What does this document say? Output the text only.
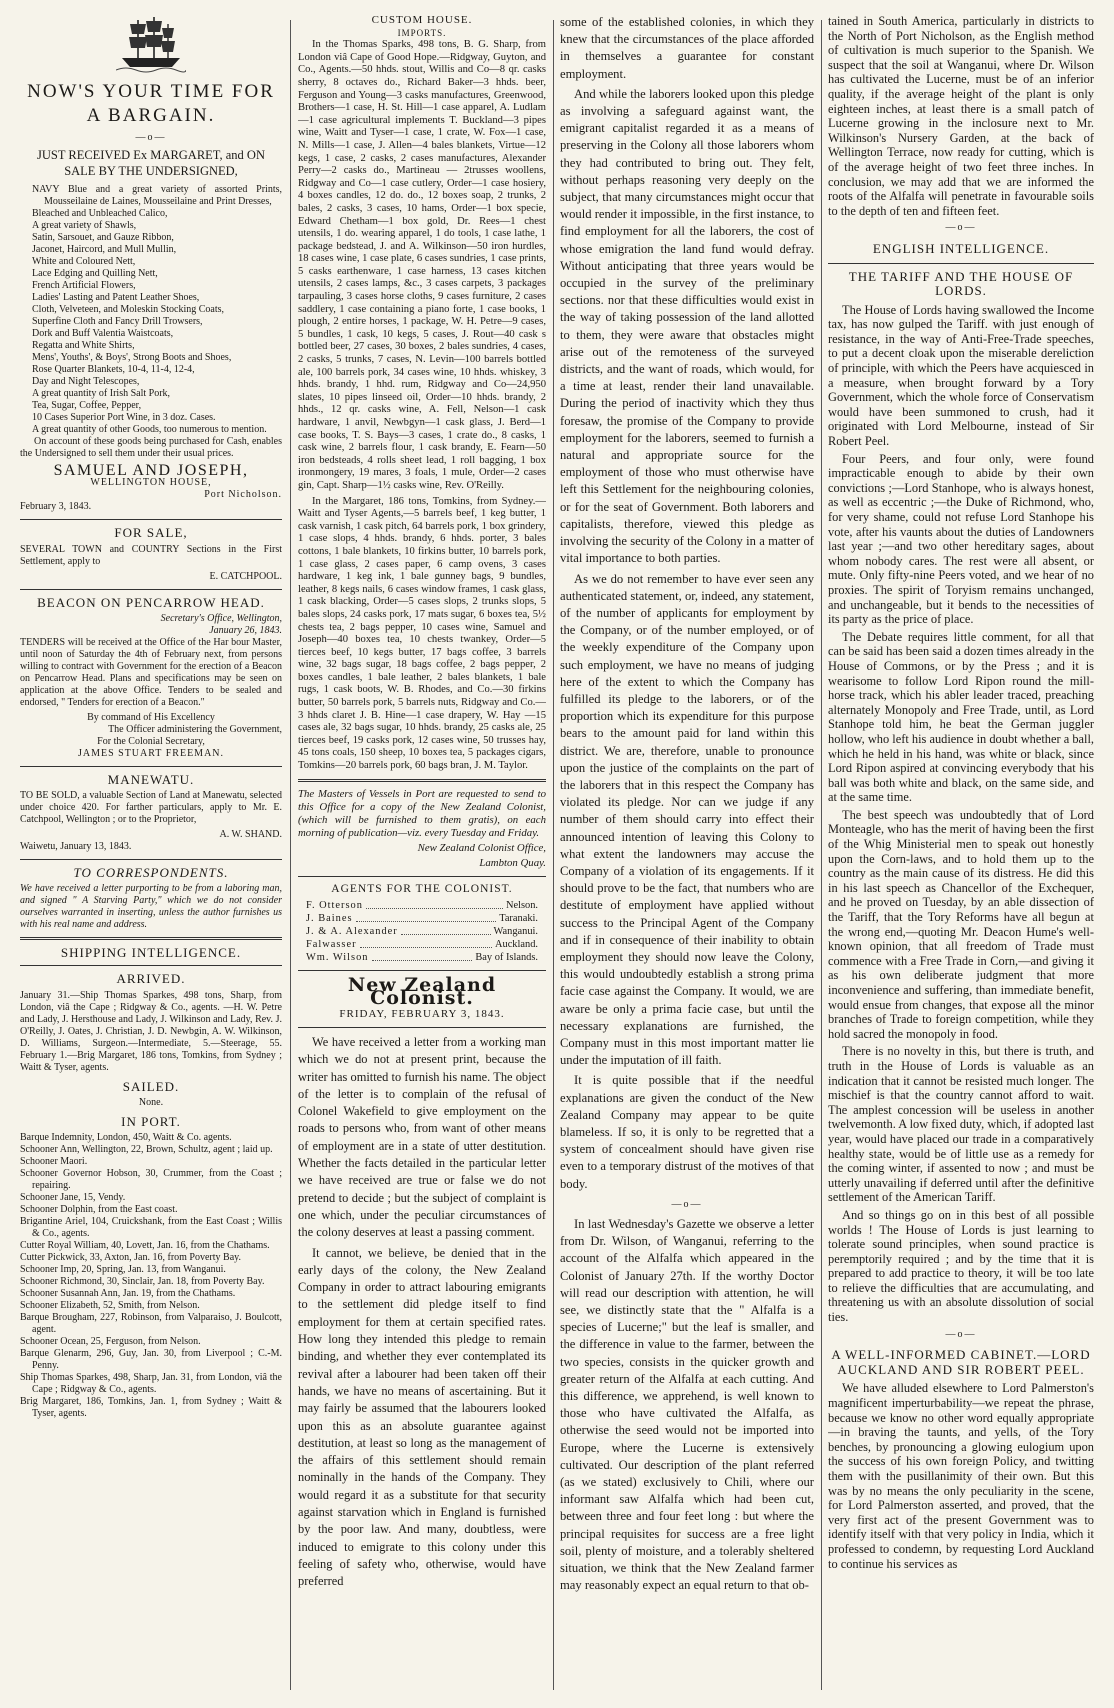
NOW'S YOUR TIME FOR A BARGAIN.
—o—
JUST RECEIVED Ex MARGARET, and ON SALE BY THE UNDERSIGNED,

NAVY Blue and a great variety of assorted Prints, Mousseilaine de Laines, Mousseilaine and Print Dresses,

Bleached and Unbleached Calico,

A great variety of Shawls,

Satin, Sarsouet, and Gauze Ribbon,

Jaconet, Haircord, and Mull Mullin,

White and Coloured Nett,

Lace Edging and Quilling Nett,

French Artificial Flowers,

Ladies' Lasting and Patent Leather Shoes,

Cloth, Velveteen, and Moleskin Stocking Coats,

Superfine Cloth and Fancy Drill Trowsers,

Dork and Buff Valentia Waistcoats,

Regatta and White Shirts,

Mens', Youths', & Boys', Strong Boots and Shoes,

Rose Quarter Blankets, 10-4, 11-4, 12-4,

Day and Night Telescopes,

A great quantity of Irish Salt Pork,

Tea, Sugar, Coffee, Pepper,

10 Cases Superior Port Wine, in 3 doz. Cases.

A great quantity of other Goods, too numerous to mention.

On account of these goods being purchased for Cash, enables the Undersigned to sell them under their usual prices.

SAMUEL AND JOSEPH,
WELLINGTON HOUSE,
Port Nicholson.
February 3, 1843.
FOR SALE,

SEVERAL TOWN and COUNTRY Sections in the First Settlement, apply to

E. CATCHPOOL.
BEACON ON PENCARROW HEAD.
Secretary's Office, Wellington,
January 26, 1843.

TENDERS will be received at the Office of the Har bour Master, until noon of Saturday the 4th of February next, from persons willing to contract with Government for the erection of a Beacon on Pencarrow Head. Plans and specifications may be seen on application at the above Office. Tenders to be sealed and endorsed, " Tenders for erection of a Beacon."

By command of His Excellency
The Officer administering the Government,
For the Colonial Secretary,
JAMES STUART FREEMAN.
MANEWATU.

TO BE SOLD, a valuable Section of Land at Manewatu, selected under choice 420. For farther particulars, apply to Mr. E. Catchpool, Wellington ; or to the Proprietor,

A. W. SHAND.
Waiwetu, January 13, 1843.
TO CORRESPONDENTS.

We have received a letter purporting to be from a laboring man, and signed " A Starving Party," which we do not consider ourselves warranted in inserting, unless the author furnishes us with his real name and address.

SHIPPING INTELLIGENCE.
ARRIVED.

January 31.—Ship Thomas Sparkes, 498 tons, Sharp, from London, viâ the Cape ; Ridgway & Co., agents. —H. W. Petre and Lady, J. Hersthouse and Lady, J. Wilkinson and Lady, Rev. J. O'Reilly, J. Oates, J. Christian, J. D. Newbgin, A. W. Wilkinson, D. Williams, Surgeon.—Intermediate, 5.—Steerage, 55. February 1.—Brig Margaret, 186 tons, Tomkins, from Sydney ; Waitt & Tyser, agents.

SAILED.
None.
IN PORT.

Barque Indemnity, London, 450, Waitt & Co. agents.

Schooner Ann, Wellington, 22, Brown, Schultz, agent ; laid up.

Schooner Maori.

Schooner Governor Hobson, 30, Crummer, from the Coast ; repairing.

Schooner Jane, 15, Vendy.

Schooner Dolphin, from the East coast.

Brigantine Ariel, 104, Cruickshank, from the East Coast ; Willis & Co., agents.

Cutter Royal William, 40, Lovett, Jan. 16, from the Chathams.

Cutter Pickwick, 33, Axton, Jan. 16, from Poverty Bay.

Schooner Imp, 20, Spring, Jan. 13, from Wanganui.

Schooner Richmond, 30, Sinclair, Jan. 18, from Poverty Bay.

Schooner Susannah Ann, Jan. 19, from the Chathams.

Schooner Elizabeth, 52, Smith, from Nelson.

Barque Brougham, 227, Robinson, from Valparaiso, J. Boulcott, agent.

Schooner Ocean, 25, Ferguson, from Nelson.

Barque Glenarm, 296, Guy, Jan. 30, from Liverpool ; C.-M. Penny.

Ship Thomas Sparkes, 498, Sharp, Jan. 31, from London, viâ the Cape ; Ridgway & Co., agents.

Brig Margaret, 186, Tomkins, Jan. 1, from Sydney ; Waitt & Tyser, agents.

CUSTOM HOUSE.
IMPORTS.

In the Thomas Sparks, 498 tons, B. G. Sharp, from London viâ Cape of Good Hope.—Ridgway, Guyton, and Co., Agents.—50 hhds. stout, Willis and Co—8 qr. casks sherry, 8 octaves do., Richard Baker—3 hhds. beer, Ferguson and Young—3 casks manufactures, Greenwood, Brothers—1 case, H. St. Hill—1 case apparel, A. Ludlam—1 case agricultural implements T. Buckland—3 pipes wine, Waitt and Tyser—1 case, 1 crate, W. Fox—1 case, N. Mills—1 case, J. Allen—4 bales blankets, Virtue—12 kegs, 1 case, 2 casks, 2 cases manufactures, Alexander Perry—2 casks do., Martineau — 2trusses woollens, Ridgway and Co—1 case cutlery, Order—1 case hosiery, 4 boxes candles, 12 do. do., 12 boxes soap, 2 trunks, 2 bales, 2 casks, 3 cases, 10 hams, Order—1 box specie, Edward Chetham—1 box gold, Dr. Rees—1 chest utensils, 1 do. wearing apparel, 1 do tools, 1 case lathe, 1 package bedstead, J. and A. Wilkinson—50 iron hurdles, 18 cases wine, 1 case plate, 6 cases sundries, 1 case prints, 5 casks earthenware, 1 case harness, 13 cases kitchen utensils, 2 cases lamps, &c., 3 cases carpets, 3 packages tarpauling, 3 cases horse cloths, 9 cases furniture, 2 cases saddlery, 1 case containing a piano forte, 1 case books, 1 plough, 2 entire horses, 1 package, W. H. Petre—9 cases, 5 bundles, 1 cask, 10 kegs, 5 cases, J. Rout—40 cask s bottled beer, 27 cases, 30 boxes, 2 bales sundries, 4 cases, 2 casks, 5 trunks, 7 cases, N. Levin—100 barrels bottled ale, 100 barrels pork, 34 cases wine, 10 hhds. whiskey, 3 hhds. brandy, 1 hhd. rum, Ridgway and Co—24,950 slates, 10 pipes linseed oil, Order—10 hhds. brandy, 2 hhds., 12 qr. casks wine, A. Fell, Nelson—1 cask hardware, 1 anvil, Newbgyn—1 cask glass, J. Berd—1 case books, T. S. Bays—3 cases, 1 crate do., 8 casks, 1 cask wine, 2 barrels flour, 1 cask brandy, E. Fearn—50 iron bedsteads, 4 rolls sheet lead, 1 roll bagging, 1 box ironmongery, 19 mares, 3 foals, 1 mule, Order—2 cases gin, Capt. Sharp—1½ casks wine, Rev. O'Reilly.

In the Margaret, 186 tons, Tomkins, from Sydney.—Waitt and Tyser Agents,—5 barrels beef, 1 keg butter, 1 cask varnish, 1 cask pitch, 64 barrels pork, 1 box grindery, 1 case slops, 4 hhds. brandy, 6 hhds. porter, 3 bales cottons, 1 bale blankets, 10 firkins butter, 10 barrels pork, 1 case glass, 2 cases paper, 6 camp ovens, 3 cases hardware, 1 keg ink, 1 bale gunney bags, 9 bundles, leather, 8 kegs nails, 6 cases window frames, 1 cask glass, 1 cask blacking, Order—5 cases slops, 2 trunks slops, 5 bales slops, 24 casks pork, 17 mats sugar, 6 boxes tea, 5½ chests tea, 2 bags pepper, 10 cases wine, Samuel and Joseph—40 boxes tea, 10 chests twankey, Order—5 tierces beef, 10 kegs butter, 17 bags coffee, 3 barrels wine, 32 bags sugar, 18 bags coffee, 2 bags pepper, 2 boxes candles, 1 bale leather, 2 bales blankets, 1 bale rugs, 1 cask boots, W. B. Rhodes, and Co.—30 firkins butter, 50 barrels pork, 5 barrels nuts, Ridgway and Co.—3 hhds claret J. B. Hine—1 case drapery, W. Hay —15 cases ale, 32 bags sugar, 10 hhds. brandy, 25 casks ale, 25 tierces beef, 19 casks pork, 12 cases wine, 50 trusses hay, 45 tons coals, 150 sheep, 10 boxes tea, 5 packages cigars, Tomkins—20 barrels pork, 60 bags bran, J. M. Taylor.

The Masters of Vessels in Port are requested to send to this Office for a copy of the New Zealand Colonist, (which will be furnished to them gratis), on each morning of publication—viz. every Tuesday and Friday.

New Zealand Colonist Office,
Lambton Quay.
AGENTS FOR THE COLONIST.
F. Otterson	Nelson.
J. Baines	Taranaki.
J. & A. Alexander	Wanganui.
Falwasser	Auckland.
Wm. Wilson	Bay of Islands.
New Zealand Colonist.
FRIDAY, FEBRUARY 3, 1843.

We have received a letter from a working man which we do not at present print, because the writer has omitted to furnish his name. The object of the letter is to complain of the refusal of Colonel Wakefield to give employment on the roads to persons who, from want of other means of employment are in a state of utter destitution. Whether the facts detailed in the particular letter we have received are true or false we do not pretend to decide ; but the subject of complaint is one which, under the peculiar circumstances of the colony deserves at least a passing comment.

It cannot, we believe, be denied that in the early days of the colony, the New Zealand Company in order to attract labouring emigrants to the settlement did pledge itself to find employment for them at certain specified rates. How long they intended this pledge to remain binding, and whether they ever contemplated its revival after a labourer had been taken off their hands, we have no means of ascertaining. But it may fairly be assumed that the labourers looked upon this as an absolute guarantee against destitution, at least so long as the management of the affairs of this settlement should remain nominally in the hands of the Company. They would regard it as a substitute for that security against starvation which in England is furnished by the poor law. And many, doubtless, were induced to emigrate to this colony under this feeling of safety who, otherwise, would have preferred

some of the established colonies, in which they knew that the circumstances of the place afforded in themselves a guarantee for constant employment.

And while the laborers looked upon this pledge as involving a safeguard against want, the emigrant capitalist regarded it as a means of preserving in the Colony all those laborers whom they had contributed to bring out. They felt, without perhaps reasoning very deeply on the subject, that many circumstances might occur that would render it impossible, in the first instance, to find employment for all the laborers, the cost of whose emigration the land fund would defray. Without anticipating that three years would be occupied in the survey of the preliminary sections. nor that these difficulties would exist in the way of taking possession of the land allotted to them, they were aware that obstacles might arise out of the remoteness of the surveyed districts, and the want of roads, which would, for a time at least, render their land unavailable. During the period of inactivity which they thus foresaw, the promise of the Company to provide employment for the laborers, seemed to furnish a natural and appropriate source for the employment of those who must otherwise have left this Settlement for the neighbouring colonies, or for the seat of Government. Both laborers and capitalists, therefore, viewed this pledge as involving the security of the Colony in a matter of vital importance to both parties.

As we do not remember to have ever seen any authenticated statement, or, indeed, any statement, of the number of applicants for employment by the Company, or of the number employed, or of the weekly expenditure of the Company upon such employment, we have no means of judging here of the extent to which the Company has fulfilled its pledge to the laborers, or of the proportion which its expenditure for this purpose bears to the amount paid for land within this district. We are, therefore, unable to pronounce upon the justice of the complaints on the part of the laborers that in this respect the Company has violated its pledge. Nor can we judge if any number of them should carry into effect their announced intention of leaving this Colony to what extent the landowners may accuse the Company of a violation of its engagements. If it should prove to be the fact, that numbers who are destitute of employment have applied without success to the Principal Agent of the Company and if in consequence of their inability to obtain employment they should now leave the Colony, this would undoubtedly establish a strong prima facie case against the Company. It would, we are aware be only a prima facie case, but until the necessary explanations are furnished, the Company must in this most important matter lie under the imputation of ill faith.

It is quite possible that if the needful explanations are given the conduct of the New Zealand Company may appear to be quite blameless. If so, it is only to be regretted that a system of concealment should have given rise even to a temporary distrust of the motives of that body.

—o—

In last Wednesday's Gazette we observe a letter from Dr. Wilson, of Wanganui, referring to the account of the Alfalfa which appeared in the Colonist of January 27th. If the worthy Doctor will read our description with attention, he will see, we distinctly state that the " Alfalfa is a species of Lucerne;" but the leaf is smaller, and the difference in value to the farmer, between the two species, consists in the quicker growth and greater return of the Alfalfa at each cutting. And this difference, we apprehend, is well known to those who have cultivated the Alfalfa, as otherwise the seed would not be imported into Europe, where the Lucerne is extensively cultivated. Our description of the plant referred (as we stated) exclusively to Chili, where our informant saw Alfalfa which had been cut, between three and four feet long : but where the principal requisites for success are a free light soil, plenty of moisture, and a tolerably sheltered situation, we think that the New Zealand farmer may reasonably expect an equal return to that ob-

tained in South America, particularly in districts to the North of Port Nicholson, as the English method of cultivation is much superior to the Spanish. We suspect that the soil at Wanganui, where Dr. Wilson has cultivated the Lucerne, must be of an inferior quality, if the average height of the plant is only eighteen inches, at least there is a small patch of Lucerne growing in the inclosure next to Mr. Wilkinson's Nursery Garden, at the back of Wellington Terrace, now ready for cutting, which is of the average height of two feet three inches. In conclusion, we may add that we are informed the roots of the Alfalfa will penetrate in favourable soils to the depth of ten and fifteen feet.

—o—
ENGLISH INTELLIGENCE.
THE TARIFF AND THE HOUSE OF LORDS.

The House of Lords having swallowed the Income tax, has now gulped the Tariff. with just enough of resistance, in the way of Anti-Free-Trade speeches, to put a decent cloak upon the miserable dereliction of principle, with which the Peers have acquiesced in a measure, when brought forward by a Tory Government, which the whole force of Conservatism would have been summoned to crush, had it originated with Lord Melbourne, instead of Sir Robert Peel.

Four Peers, and four only, were found impracticable enough to abide by their own convictions ;—Lord Stanhope, who is always honest, as well as eccentric ;—the Duke of Richmond, who, for very shame, could not refuse Lord Stanhope his vote, after his vaunts about the duties of Landowners last year ;—and two other hereditary sages, about whom nobody cares. The rest were all absent, or mute. Only fifty-nine Peers voted, and we hear of no proxies. The spirit of Toryism remains unchanged, and unchangeable, but it bends to the necessities of its party as the price of place.

The Debate requires little comment, for all that can be said has been said a dozen times already in the House of Commons, or by the Press ; and it is wearisome to follow Lord Ripon round the mill-horse track, which his abler leader traced, preaching alternately Monopoly and Free Trade, until, as Lord Stanhope told him, he beat the German juggler hollow, who left his audience in doubt whether a ball, which he held in his hand, was white or black, since Lord Ripon aspired at convincing everybody that his ball was both white and black, on the same side, and at the same time.

The best speech was undoubtedly that of Lord Monteagle, who has the merit of having been the first of the Whig Ministerial men to speak out honestly upon the Corn-laws, and to hold them up to the country as the main cause of its distress. He did this in his last speech as Chancellor of the Exchequer, and he proved on Tuesday, by an able dissection of the Tariff, that the Tory Reforms have all begun at the wrong end,—quoting Mr. Deacon Hume's well-known opinion, that all freedom of Trade must commence with a Free Trade in Corn,—and giving it as his own deliberate judgment that more inconvenience and suffering, than immediate benefit, would ensue from changes, that expose all the minor branches of Trade to foreign competition, while they hold sacred the monopoly in food.

There is no novelty in this, but there is truth, and truth in the House of Lords is valuable as an indication that it cannot be resisted much longer. The mischief is that the country cannot afford to wait. The amplest concession will be useless in another twelvemonth. A low fixed duty, which, if adopted last year, would have placed our trade in a comparatively healthy state, would be of little use as a remedy for the coming winter, if assented to now ; and must be utterly unavailing if deferred until after the definitive settlement of the American Tariff.

And so things go on in this best of all possible worlds ! The House of Lords is just learning to tolerate sound principles, when sound practice is peremptorily required ; and by the time that it is prepared to add practice to theory, it will be too late to relieve the difficulties that are accumulating, and threatening us with an absolute dissolution of social ties.

—o—
A WELL-INFORMED CABINET.—LORD AUCKLAND AND SIR ROBERT PEEL.

We have alluded elsewhere to Lord Palmerston's magnificent imperturbability—we repeat the phrase, because we know no other word equally appropriate—in braving the taunts, and yells, of the Tory benches, by pronouncing a glowing eulogium upon the success of his own foreign Policy, and twitting them with the pusillanimity of their own. But this was by no means the only peculiarity in the scene, for Lord Palmerston asserted, and proved, that the very first act of the present Government was to identify itself with that very policy in India, which it professed to condemn, by requesting Lord Auckland to continue his services as
